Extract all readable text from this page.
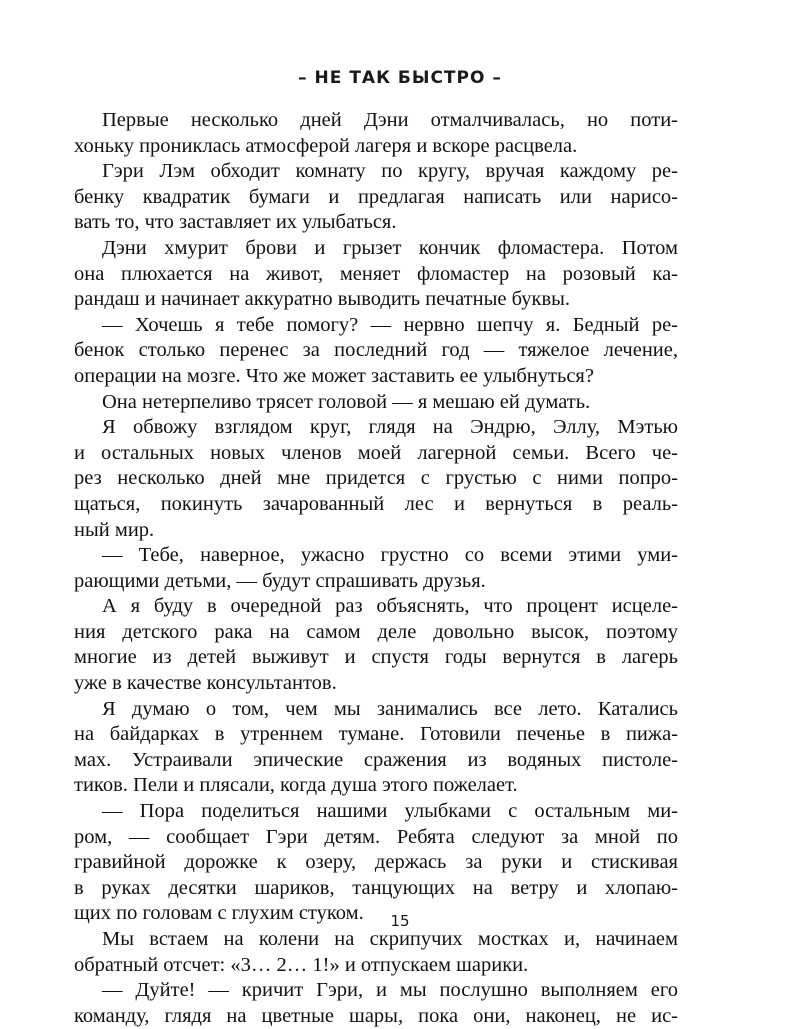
– НЕ ТАК БЫСТРО –
Первые несколько дней Дэни отмалчивалась, но поти-
хоньку прониклась атмосферой лагеря и вскоре расцвела.
Гэри Лэм обходит комнату по кругу, вручая каждому ре-
бенку квадратик бумаги и предлагая написать или нарисо-
вать то, что заставляет их улыбаться.
Дэни хмурит брови и грызет кончик фломастера. Потом
она плюхается на живот, меняет фломастер на розовый ка-
рандаш и начинает аккуратно выводить печатные буквы.
— Хочешь я тебе помогу? — нервно шепчу я. Бедный ре-
бенок столько перенес за последний год — тяжелое лечение,
операции на мозге. Что же может заставить ее улыбнуться?
Она нетерпеливо трясет головой — я мешаю ей думать.
Я обвожу взглядом круг, глядя на Эндрю, Эллу, Мэтью
и остальных новых членов моей лагерной семьи. Всего че-
рез несколько дней мне придется с грустью с ними попро-
щаться, покинуть зачарованный лес и вернуться в реаль-
ный мир.
— Тебе, наверное, ужасно грустно со всеми этими уми-
рающими детьми, — будут спрашивать друзья.
А я буду в очередной раз объяснять, что процент исцеле-
ния детского рака на самом деле довольно высок, поэтому
многие из детей выживут и спустя годы вернутся в лагерь
уже в качестве консультантов.
Я думаю о том, чем мы занимались все лето. Катались
на байдарках в утреннем тумане. Готовили печенье в пижа-
мах. Устраивали эпические сражения из водяных пистоле-
тиков. Пели и плясали, когда душа этого пожелает.
— Пора поделиться нашими улыбками с остальным ми-
ром, — сообщает Гэри детям. Ребята следуют за мной по
гравийной дорожке к озеру, держась за руки и стискивая
в руках десятки шариков, танцующих на ветру и хлопаю-
щих по головам с глухим стуком.
Мы встаем на колени на скрипучих мостках и, начинаем
обратный отсчет: «3… 2… 1!» и отпускаем шарики.
— Дуйте! — кричит Гэри, и мы послушно выполняем его
команду, глядя на цветные шары, пока они, наконец, не ис-
15
